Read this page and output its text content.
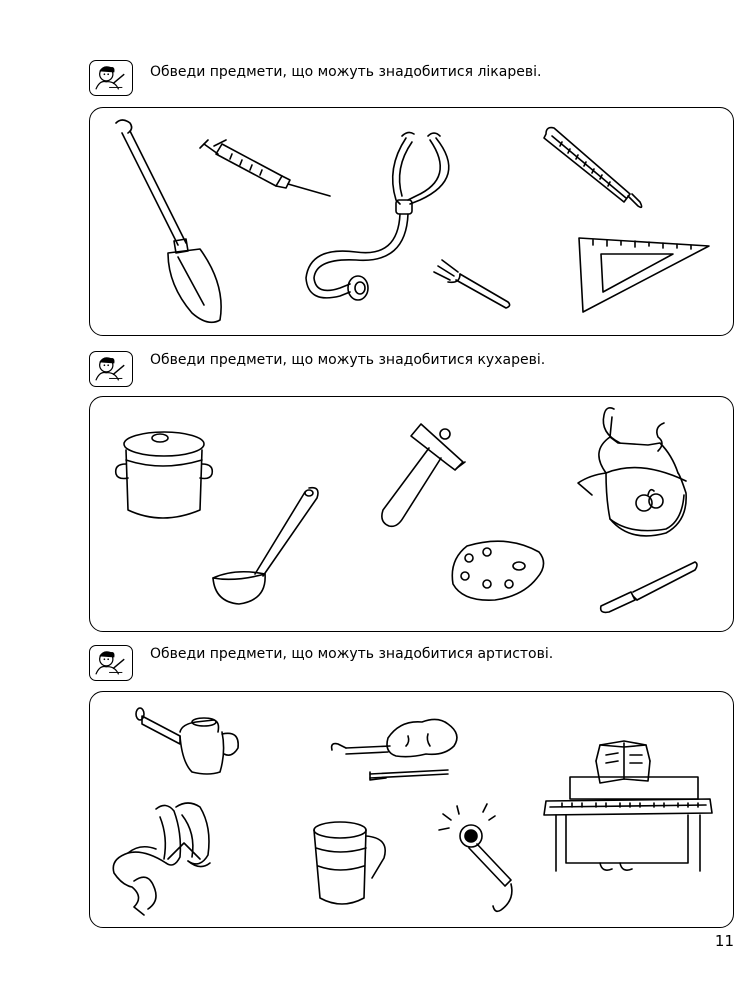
Обведи предмети, що можуть знадобитися лікареві.
Обведи предмети, що можуть знадобитися кухареві.
Обведи предмети, що можуть знадобитися артистові.
11
